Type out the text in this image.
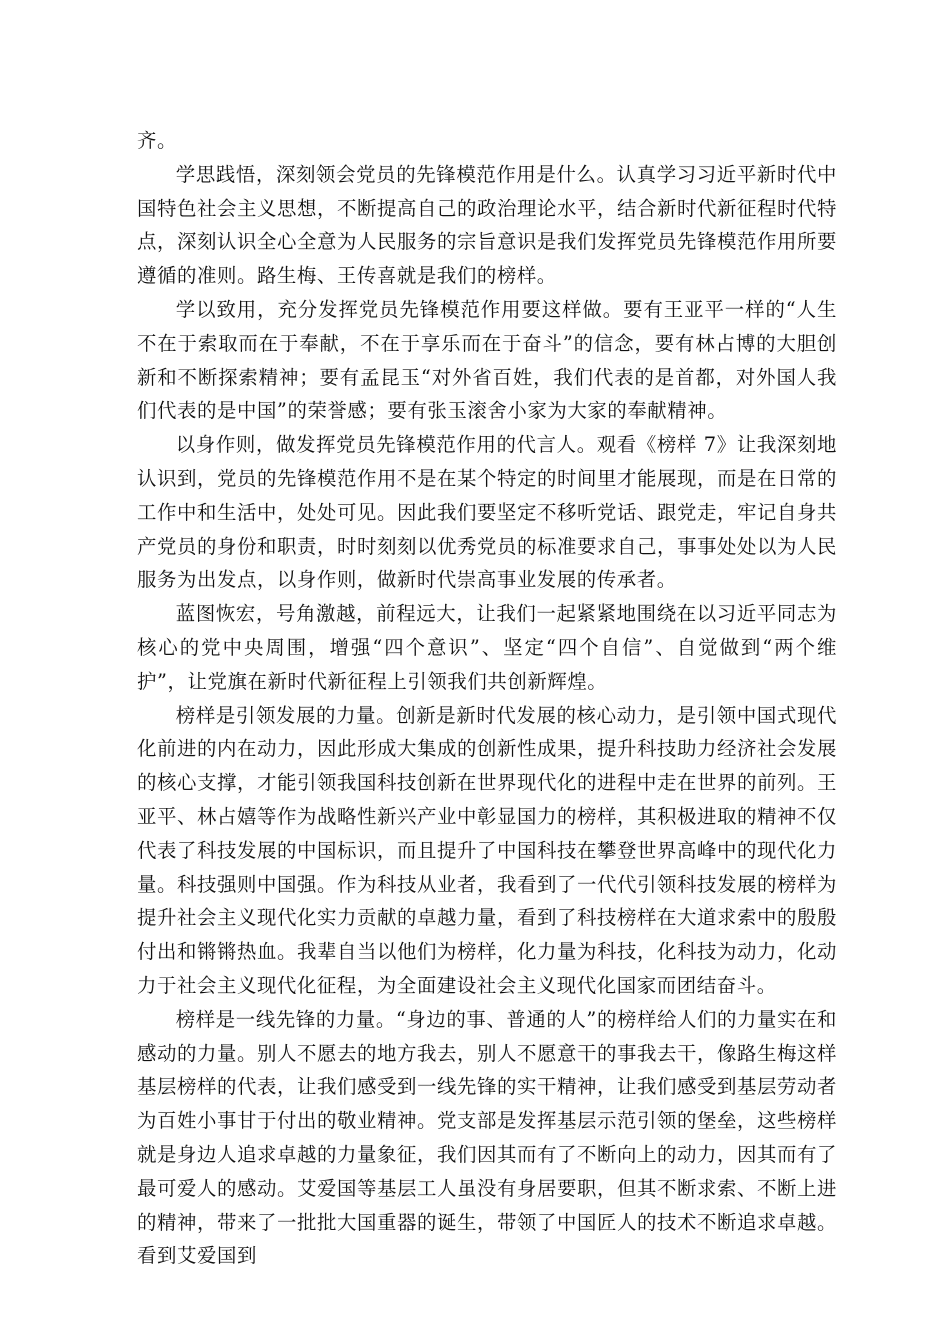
齐。

学思践悟，深刻领会党员的先锋模范作用是什么。认真学习习近平新时代中国特色社会主义思想，不断提高自己的政治理论水平，结合新时代新征程时代特点，深刻认识全心全意为人民服务的宗旨意识是我们发挥党员先锋模范作用所要遵循的准则。路生梅、王传喜就是我们的榜样。

学以致用，充分发挥党员先锋模范作用要这样做。要有王亚平一样的“人生不在于索取而在于奉献，不在于享乐而在于奋斗”的信念，要有林占博的大胆创新和不断探索精神；要有孟昆玉“对外省百姓，我们代表的是首都，对外国人我们代表的是中国”的荣誉感；要有张玉滚舍小家为大家的奉献精神。

以身作则，做发挥党员先锋模范作用的代言人。观看《榜样 7》让我深刻地认识到，党员的先锋模范作用不是在某个特定的时间里才能展现，而是在日常的工作中和生活中，处处可见。因此我们要坚定不移听党话、跟党走，牢记自身共产党员的身份和职责，时时刻刻以优秀党员的标准要求自己，事事处处以为人民服务为出发点，以身作则，做新时代崇高事业发展的传承者。

蓝图恢宏，号角激越，前程远大，让我们一起紧紧地围绕在以习近平同志为核心的党中央周围，增强“四个意识”、坚定“四个自信”、自觉做到“两个维护”，让党旗在新时代新征程上引领我们共创新辉煌。

榜样是引领发展的力量。创新是新时代发展的核心动力，是引领中国式现代化前进的内在动力，因此形成大集成的创新性成果，提升科技助力经济社会发展的核心支撑，才能引领我国科技创新在世界现代化的进程中走在世界的前列。王亚平、林占嬉等作为战略性新兴产业中彰显国力的榜样，其积极进取的精神不仅代表了科技发展的中国标识，而且提升了中国科技在攀登世界高峰中的现代化力量。科技强则中国强。作为科技从业者，我看到了一代代引领科技发展的榜样为提升社会主义现代化实力贡献的卓越力量，看到了科技榜样在大道求索中的殷殷付出和锵锵热血。我辈自当以他们为榜样，化力量为科技，化科技为动力，化动力于社会主义现代化征程，为全面建设社会主义现代化国家而团结奋斗。

榜样是一线先锋的力量。“身边的事、普通的人”的榜样给人们的力量实在和感动的力量。别人不愿去的地方我去，别人不愿意干的事我去干，像路生梅这样基层榜样的代表，让我们感受到一线先锋的实干精神，让我们感受到基层劳动者为百姓小事甘于付出的敬业精神。党支部是发挥基层示范引领的堡垒，这些榜样就是身边人追求卓越的力量象征，我们因其而有了不断向上的动力，因其而有了最可爱人的感动。艾爱国等基层工人虽没有身居要职，但其不断求索、不断上进的精神，带来了一批批大国重器的诞生，带领了中国匠人的技术不断追求卓越。看到艾爱国到
